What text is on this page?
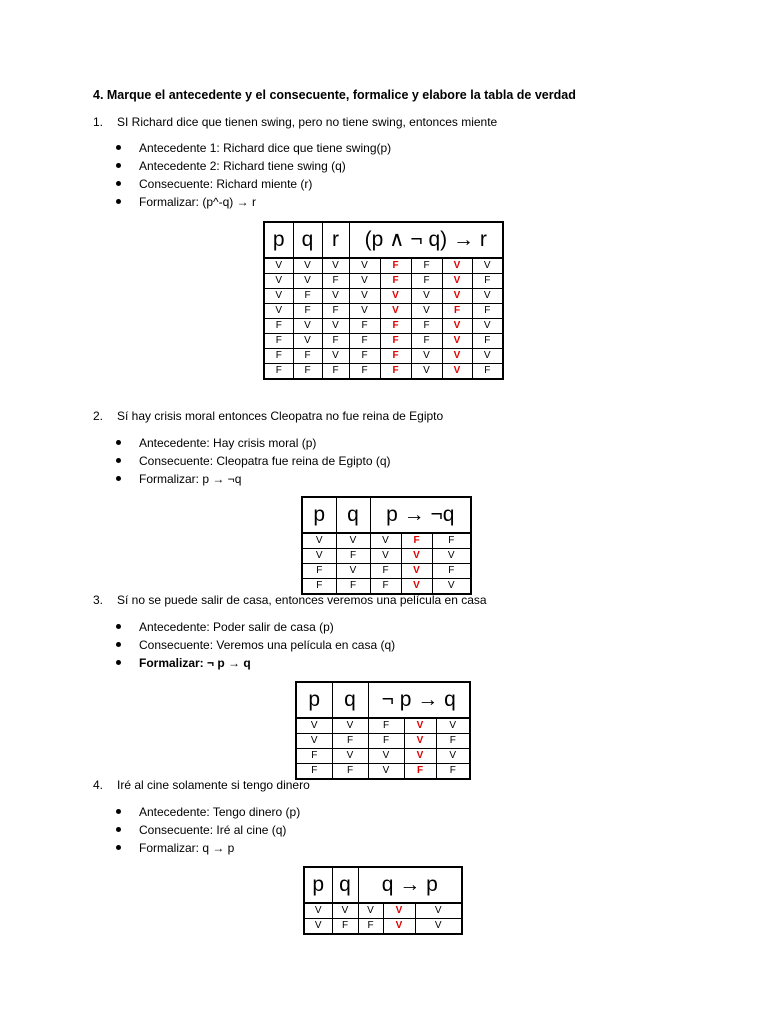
4. Marque el antecedente y el consecuente, formalice y elabore la tabla de verdad
1. SI Richard dice que tienen swing, pero no tiene swing, entonces miente
Antecedente 1: Richard dice que tiene swing(p)
Antecedente 2: Richard tiene swing (q)
Consecuente: Richard miente (r)
Formalizar: (p^-q) → r
p	q	r	(p ∧ ¬ q) → r				
V	V	V	V	F	F	V	V
V	V	F	V	F	F	V	F
V	F	V	V	V	V	V	V
V	F	F	V	V	V	F	F
F	V	V	F	F	F	V	V
F	V	F	F	F	F	V	F
F	F	V	F	F	V	V	V
F	F	F	F	F	V	V	F
2. Sí hay crisis moral entonces Cleopatra no fue reina de Egipto
Antecedente: Hay crisis moral (p)
Consecuente: Cleopatra fue reina de Egipto (q)
Formalizar: p → ¬q
p	q	p → ¬q		
V	V	V	F	F
V	F	V	V	V
F	V	F	V	F
F	F	F	V	V
3. Sí no se puede salir de casa, entonces veremos una película en casa
Antecedente: Poder salir de casa (p)
Consecuente: Veremos una película en casa (q)
Formalizar: ¬ p → q
p	q	¬ p → q		
V	V	F	V	V
V	F	F	V	F
F	V	V	V	V
F	F	V	F	F
4. Iré al cine solamente si tengo dinero
Antecedente: Tengo dinero (p)
Consecuente: Iré al cine (q)
Formalizar: q → p
p	q	q → p		
V	V	V	V	V
V	F	F	V	V
